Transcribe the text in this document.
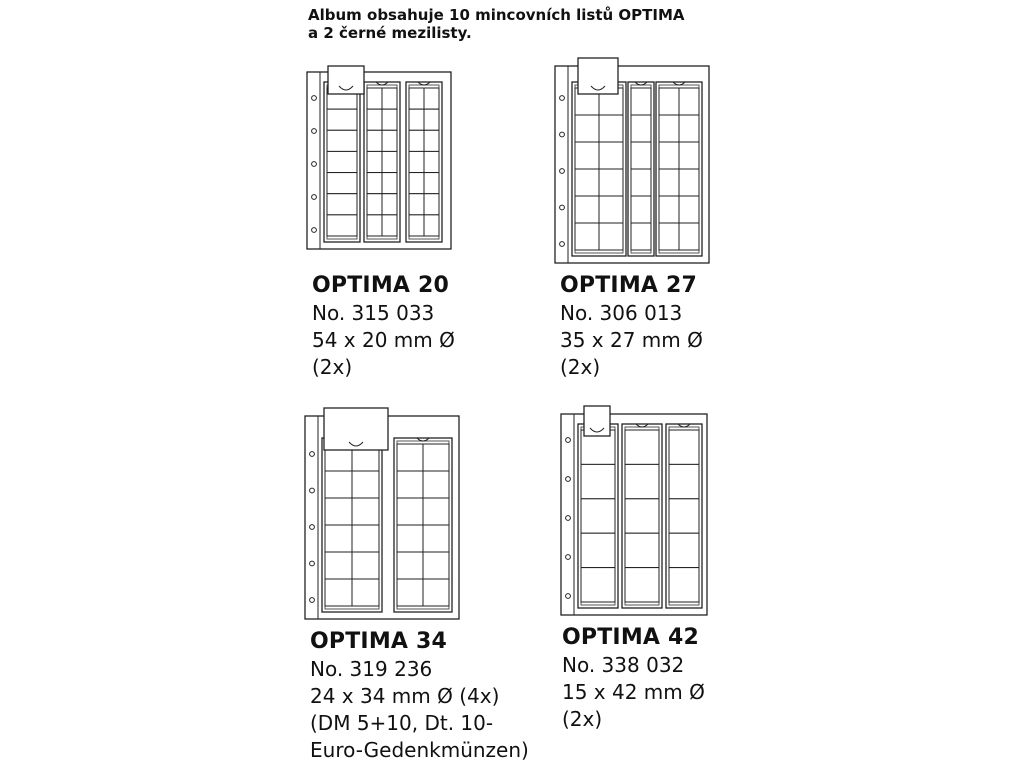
Album obsahuje 10 mincovních listů OPTIMA
a 2 černé mezilisty.
OPTIMA 20
No. 315 033
54 x 20 mm Ø
(2x)
OPTIMA 27
No. 306 013
35 x 27 mm Ø
(2x)
OPTIMA 34
No. 319 236
24 x 34 mm Ø (4x)
(DM 5+10, Dt. 10-
Euro-Gedenkmünzen)
OPTIMA 42
No. 338 032
15 x 42 mm Ø
(2x)
